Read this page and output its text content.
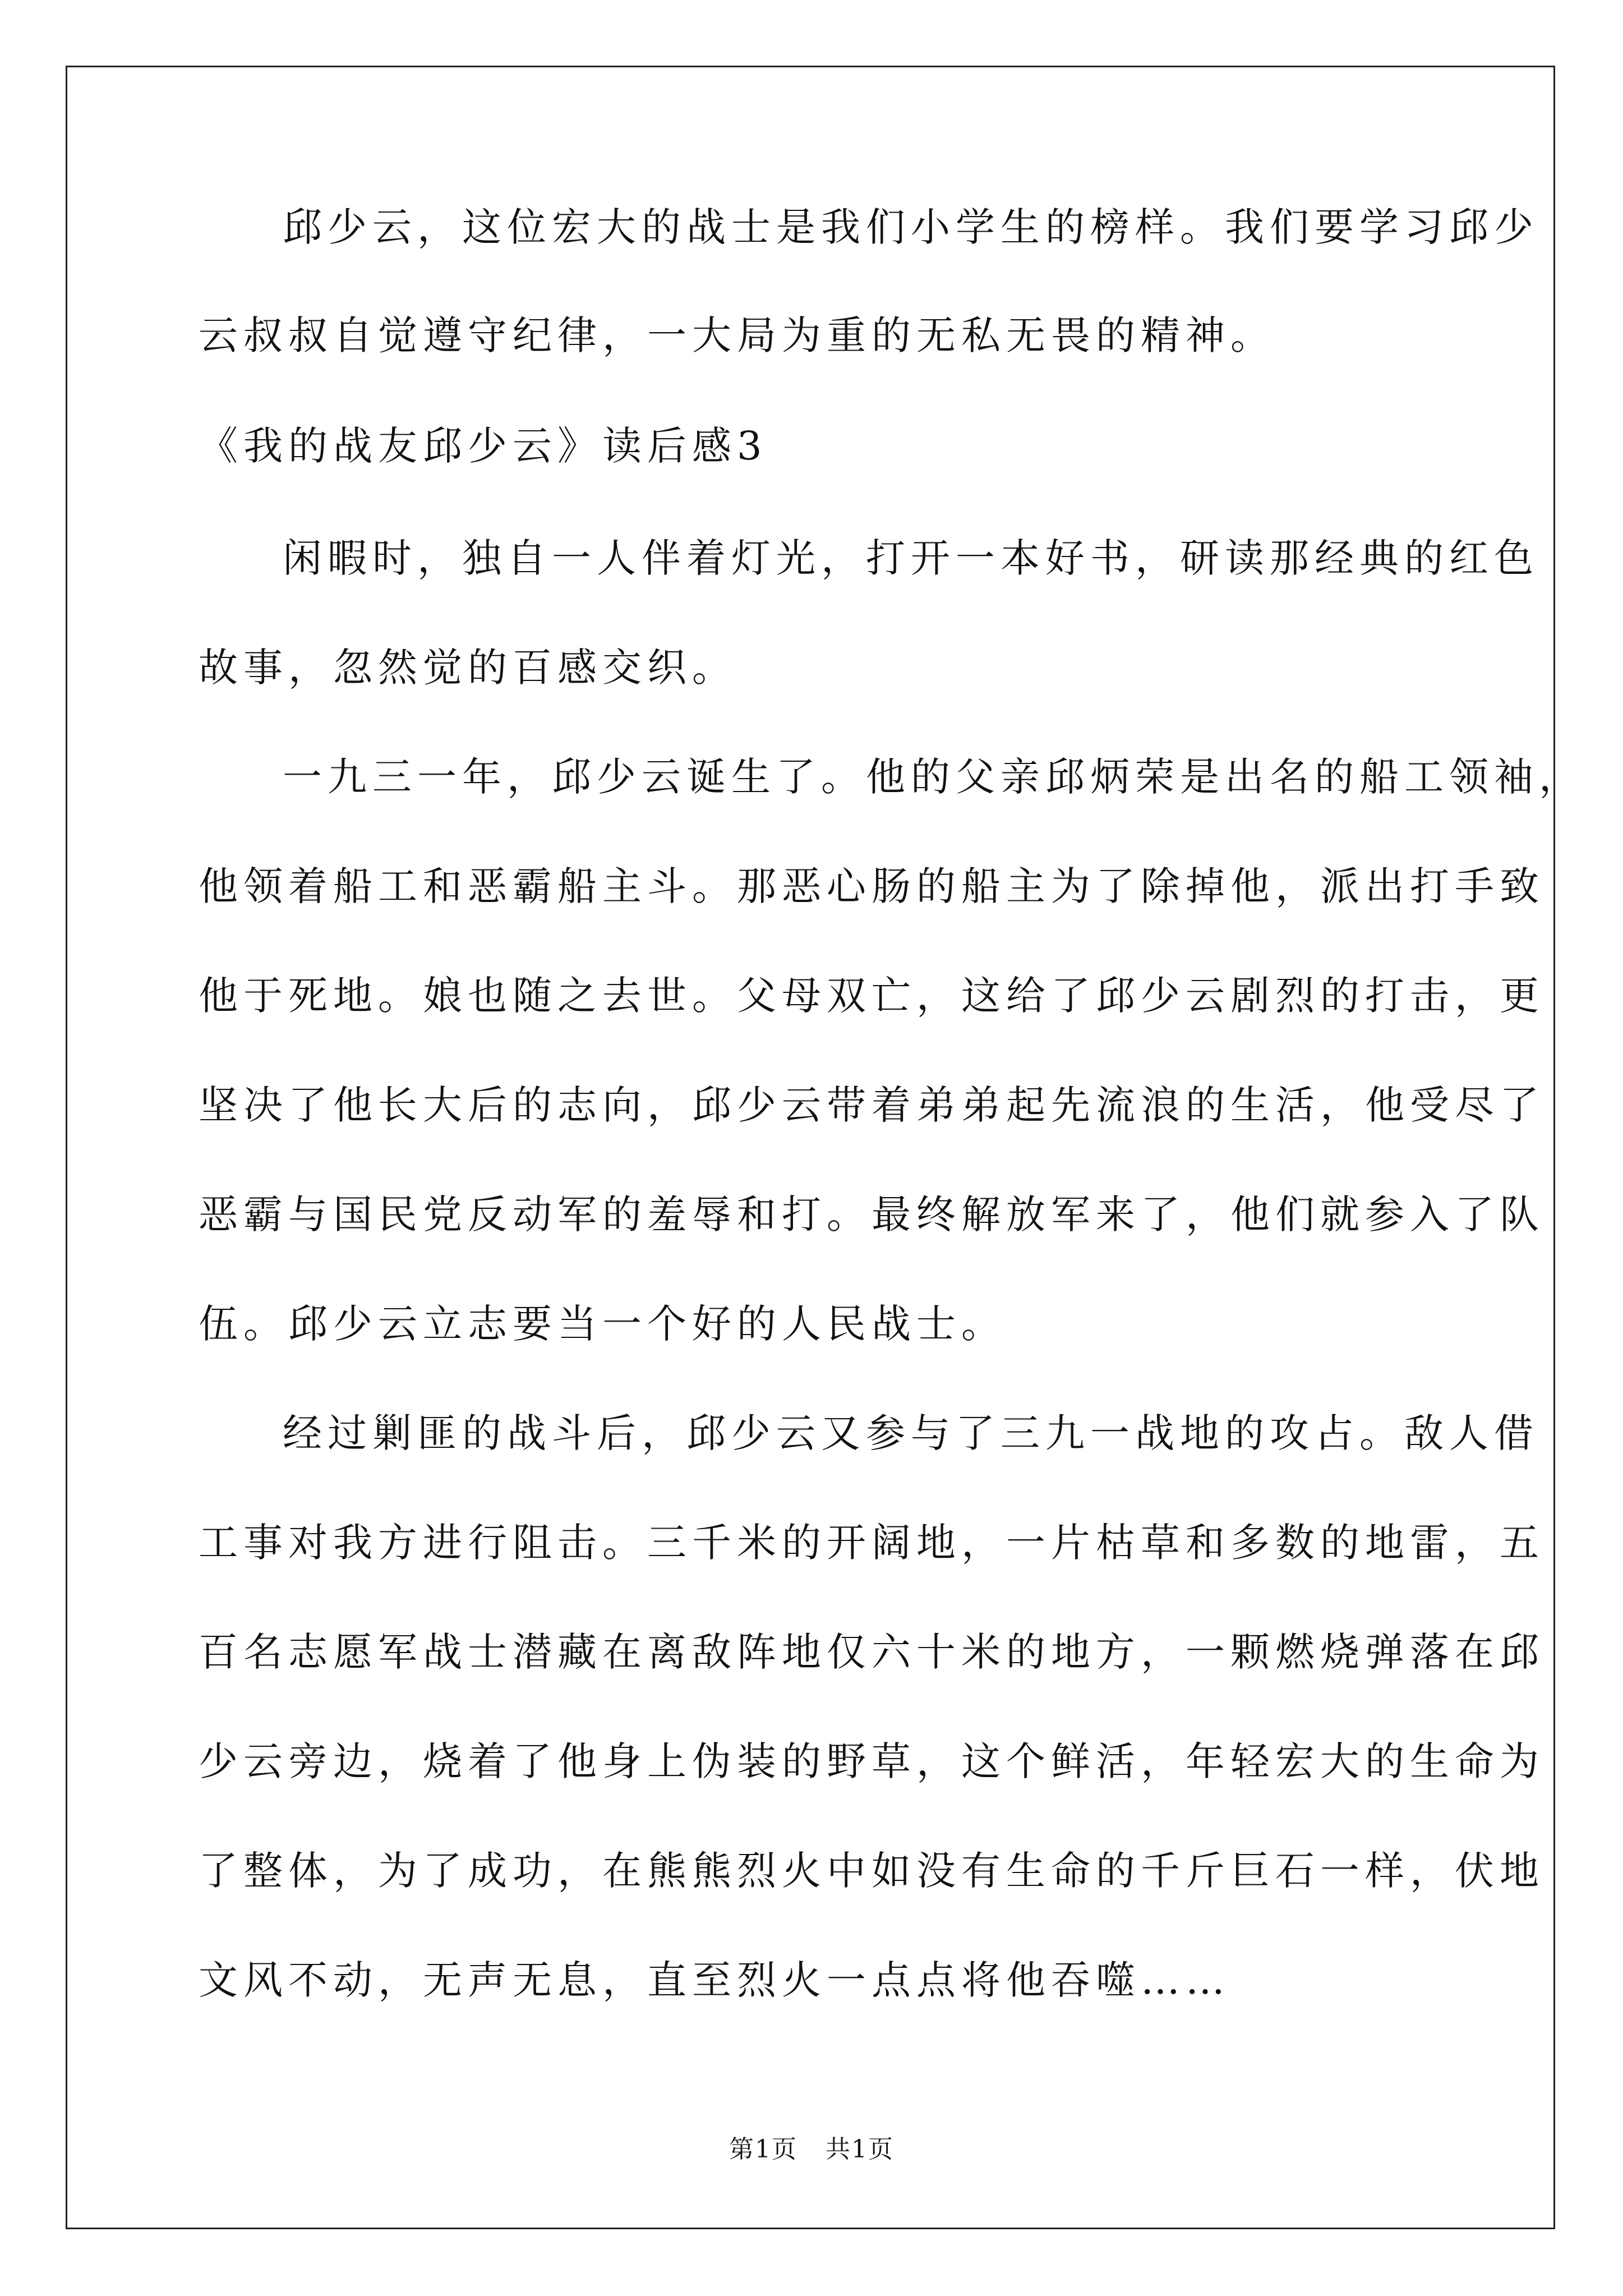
邱少云，这位宏大的战士是我们小学生的榜样。我们要学习邱少
云叔叔自觉遵守纪律，一大局为重的无私无畏的精神。
《我的战友邱少云》读后感3
闲暇时，独自一人伴着灯光，打开一本好书，研读那经典的红色
故事，忽然觉的百感交织。
一九三一年，邱少云诞生了。他的父亲邱炳荣是出名的船工领袖，
他领着船工和恶霸船主斗。那恶心肠的船主为了除掉他，派出打手致
他于死地。娘也随之去世。父母双亡，这给了邱少云剧烈的打击，更
坚决了他长大后的志向，邱少云带着弟弟起先流浪的生活，他受尽了
恶霸与国民党反动军的羞辱和打。最终解放军来了，他们就参入了队
伍。邱少云立志要当一个好的人民战士。
经过剿匪的战斗后，邱少云又参与了三九一战地的攻占。敌人借
工事对我方进行阻击。三千米的开阔地，一片枯草和多数的地雷，五
百名志愿军战士潜藏在离敌阵地仅六十米的地方，一颗燃烧弹落在邱
少云旁边，烧着了他身上伪装的野草，这个鲜活，年轻宏大的生命为
了整体，为了成功，在熊熊烈火中如没有生命的千斤巨石一样，伏地
文风不动，无声无息，直至烈火一点点将他吞噬……
第1页 共1页
